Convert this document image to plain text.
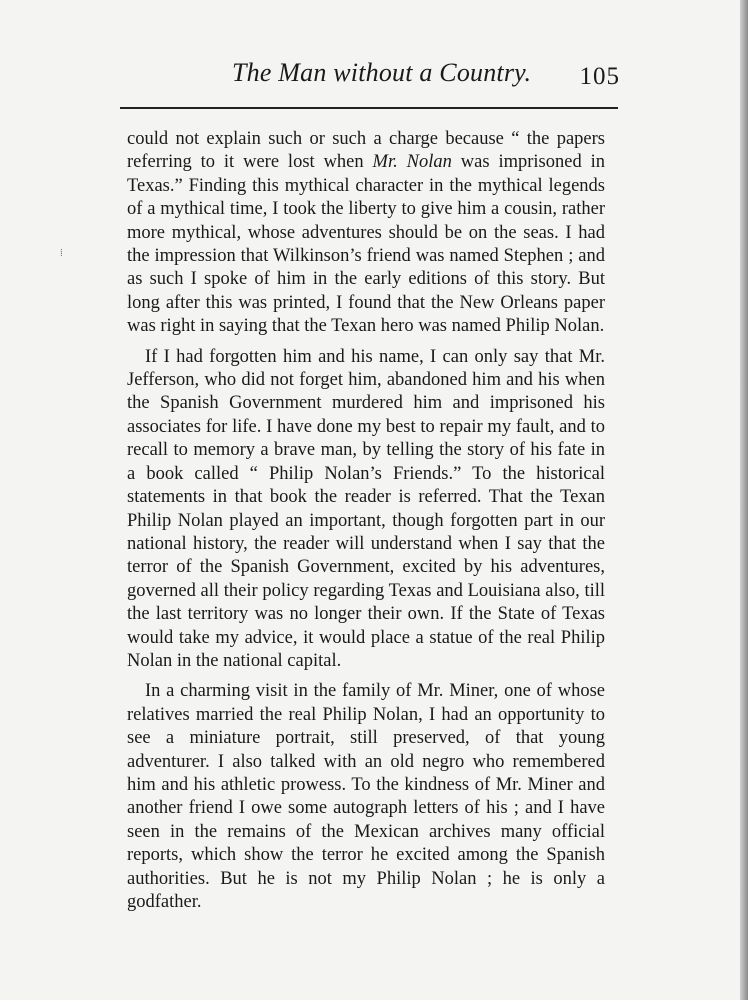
The Man without a Country. 105
⁞

could not explain such or such a charge because “ the papers referring to it were lost when Mr. Nolan was imprisoned in Texas.” Finding this mythical character in the mythical legends of a mythical time, I took the liberty to give him a cousin, rather more mythical, whose adventures should be on the seas. I had the impression that Wilkinson’s friend was named Stephen ; and as such I spoke of him in the early editions of this story. But long after this was printed, I found that the New Orleans paper was right in saying that the Texan hero was named Philip Nolan.

If I had forgotten him and his name, I can only say that Mr. Jefferson, who did not forget him, abandoned him and his when the Spanish Government murdered him and imprisoned his associates for life. I have done my best to repair my fault, and to recall to memory a brave man, by telling the story of his fate in a book called “ Philip Nolan’s Friends.” To the historical statements in that book the reader is referred. That the Texan Philip Nolan played an important, though forgotten part in our national history, the reader will understand when I say that the terror of the Spanish Government, excited by his adventures, governed all their policy regarding Texas and Louisiana also, till the last territory was no longer their own. If the State of Texas would take my advice, it would place a statue of the real Philip Nolan in the national capital.

In a charming visit in the family of Mr. Miner, one of whose relatives married the real Philip Nolan, I had an opportunity to see a miniature portrait, still preserved, of that young adventurer. I also talked with an old negro who remembered him and his athletic prowess. To the kindness of Mr. Miner and another friend I owe some autograph letters of his ; and I have seen in the remains of the Mexican archives many official reports, which show the terror he excited among the Spanish authorities. But he is not my Philip Nolan ; he is only a godfather.
